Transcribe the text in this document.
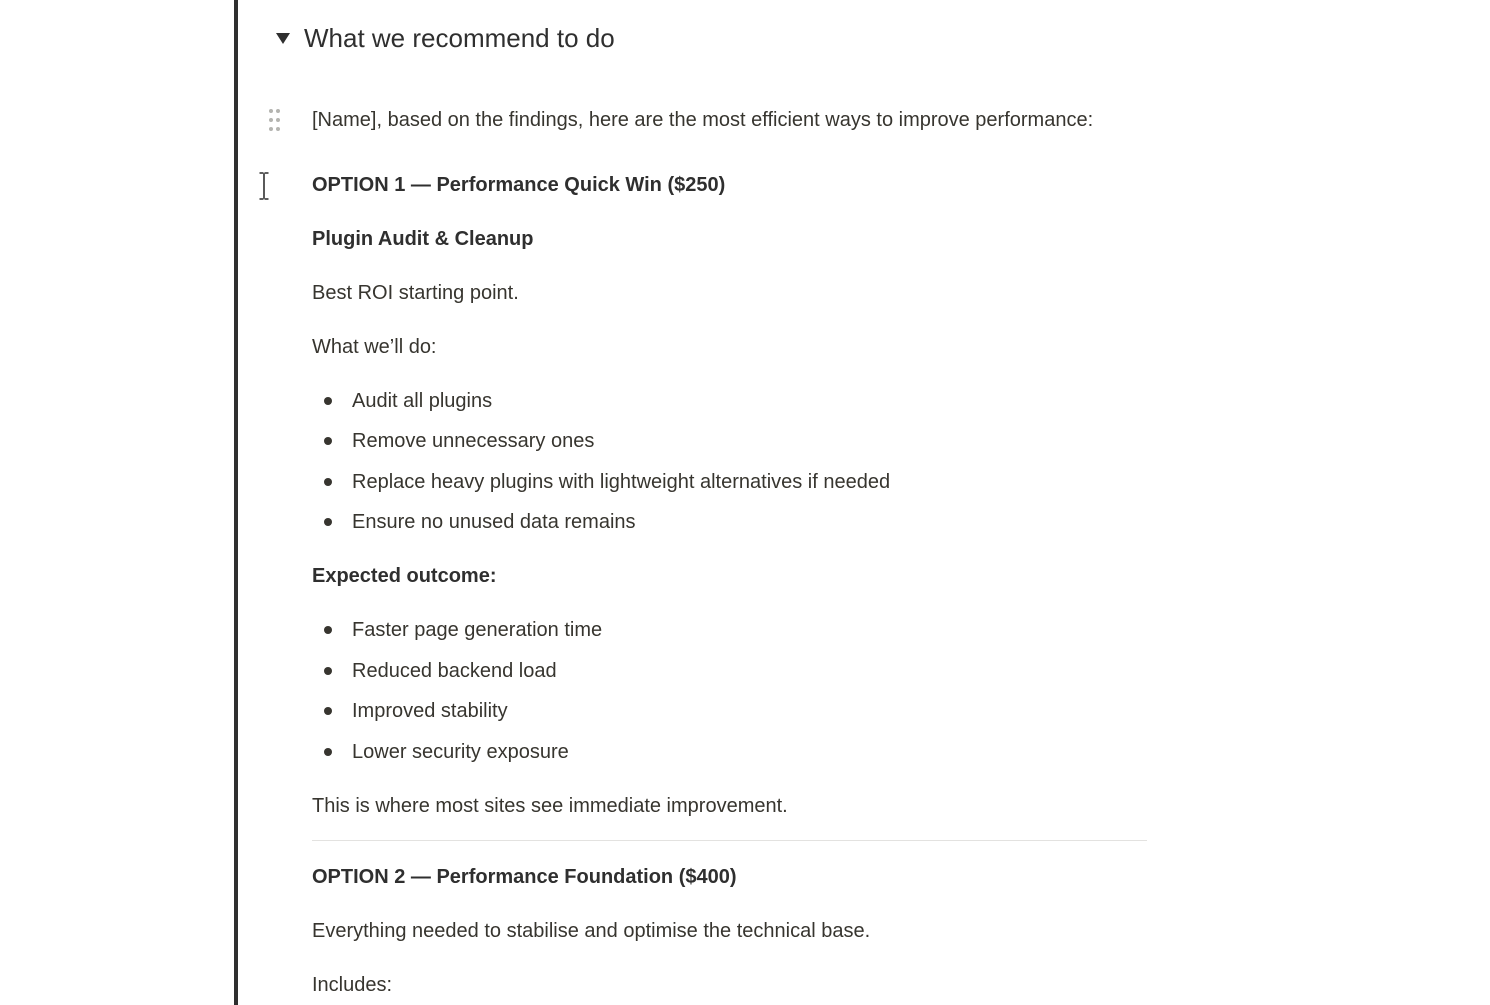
What we recommend to do
[Name], based on the findings, here are the most efficient ways to improve performance:
OPTION 1 — Performance Quick Win ($250)
Plugin Audit & Cleanup
Best ROI starting point.
What we’ll do:
Audit all plugins
Remove unnecessary ones
Replace heavy plugins with lightweight alternatives if needed
Ensure no unused data remains
Expected outcome:
Faster page generation time
Reduced backend load
Improved stability
Lower security exposure
This is where most sites see immediate improvement.
OPTION 2 — Performance Foundation ($400)
Everything needed to stabilise and optimise the technical base.
Includes:
